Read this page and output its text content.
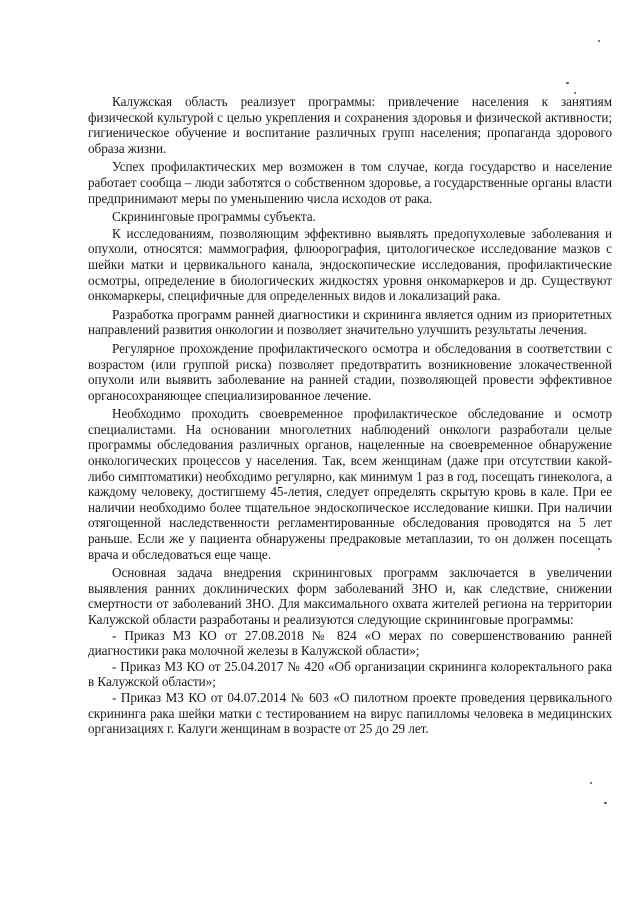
Калужская область реализует программы: привлечение населения к занятиям физической культурой с целью укрепления и сохранения здоровья и физической активности; гигиеническое обучение и воспитание различных групп населения; пропаганда здорового образа жизни.

Успех профилактических мер возможен в том случае, когда государство и население работает сообща – люди заботятся о собственном здоровье, а государственные органы власти предпринимают меры по уменьшению числа исходов от рака.

Скрининговые программы субъекта.

К исследованиям, позволяющим эффективно выявлять предопухолевые заболевания и опухоли, относятся: маммография, флюорография, цитологическое исследование мазков с шейки матки и цервикального канала, эндоскопические исследования, профилактические осмотры, определение в биологических жидкостях уровня онкомаркеров и др. Существуют онкомаркеры, специфичные для определенных видов и локализаций рака.

Разработка программ ранней диагностики и скрининга является одним из приоритетных направлений развития онкологии и позволяет значительно улучшить результаты лечения.

Регулярное прохождение профилактического осмотра и обследования в соответствии с возрастом (или группой риска) позволяет предотвратить возникновение злокачественной опухоли или выявить заболевание на ранней стадии, позволяющей провести эффективное органосохраняющее специализированное лечение.

Необходимо проходить своевременное профилактическое обследование и осмотр специалистами. На основании многолетних наблюдений онкологи разработали целые программы обследования различных органов, нацеленные на своевременное обнаружение онкологических процессов у населения. Так, всем женщинам (даже при отсутствии какой-либо симптоматики) необходимо регулярно, как минимум 1 раз в год, посещать гинеколога, а каждому человеку, достигшему 45-летия, следует определять скрытую кровь в кале. При ее наличии необходимо более тщательное эндоскопическое исследование кишки. При наличии отягощенной наследственности регламентированные обследования проводятся на 5 лет раньше. Если же у пациента обнаружены предраковые метаплазии, то он должен посещать врача и обследоваться еще чаще.

Основная задача внедрения скрининговых программ заключается в увеличении выявления ранних доклинических форм заболеваний ЗНО и, как следствие, снижении смертности от заболеваний ЗНО. Для максимального охвата жителей региона на территории Калужской области разработаны и реализуются следующие скрининговые программы:

- Приказ МЗ КО от 27.08.2018 № 824 «О мерах по совершенствованию ранней диагностики рака молочной железы в Калужской области»;

- Приказ МЗ КО от 25.04.2017 № 420 «Об организации скрининга колоректального рака в Калужской области»;

- Приказ МЗ КО от 04.07.2014 № 603 «О пилотном проекте проведения цервикального скрининга рака шейки матки с тестированием на вирус папилломы человека в медицинских организациях г. Калуги женщинам в возрасте от 25 до 29 лет.
